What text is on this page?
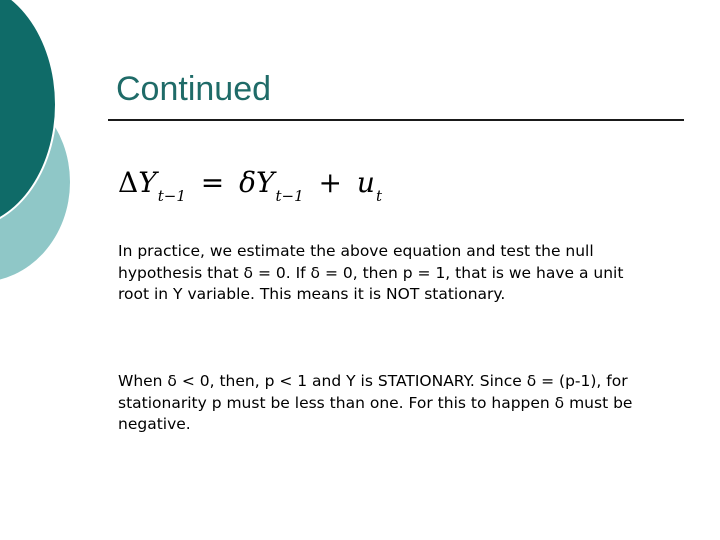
Continued
$\Delta Y_{t-1} = \delta Y_{t-1} + u_t$

In practice, we estimate the above equation and test the null hypothesis that δ = 0. If δ = 0, then p = 1, that is we have a unit root in Y variable. This means it is NOT stationary.

When δ < 0, then, p < 1 and Y is STATIONARY. Since δ = (p-1), for stationarity p must be less than one. For this to happen δ must be negative.
